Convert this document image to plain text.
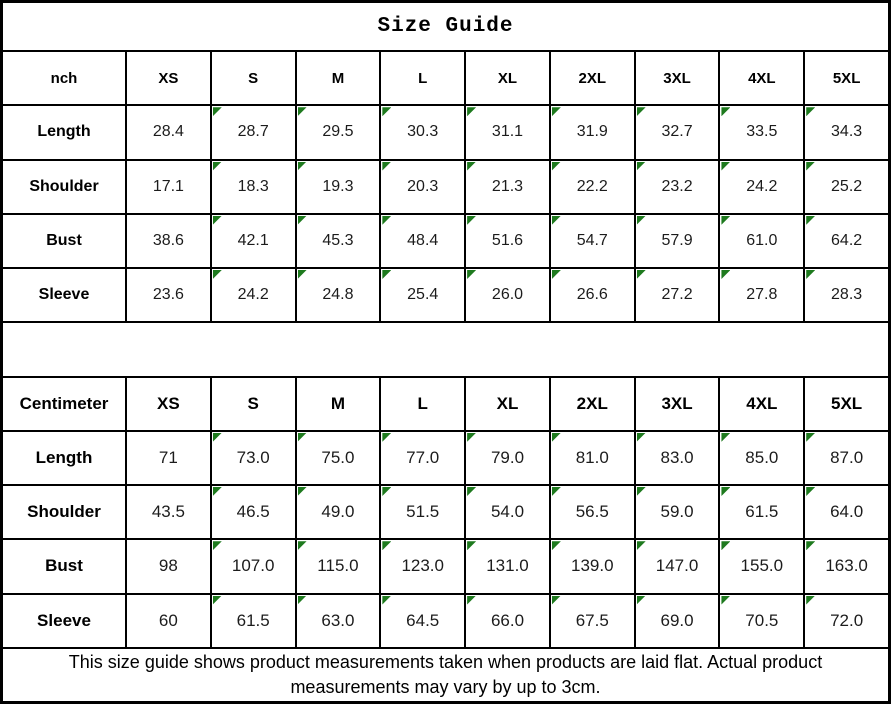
Size Guide
nch	XS	S	M	L	XL	2XL	3XL	4XL	5XL
Length	28.4	28.7	29.5	30.3	31.1	31.9	32.7	33.5	34.3
Shoulder	17.1	18.3	19.3	20.3	21.3	22.2	23.2	24.2	25.2
Bust	38.6	42.1	45.3	48.4	51.6	54.7	57.9	61.0	64.2
Sleeve	23.6	24.2	24.8	25.4	26.0	26.6	27.2	27.8	28.3
Centimeter	XS	S	M	L	XL	2XL	3XL	4XL	5XL
Length	71	73.0	75.0	77.0	79.0	81.0	83.0	85.0	87.0
Shoulder	43.5	46.5	49.0	51.5	54.0	56.5	59.0	61.5	64.0
Bust	98	107.0	115.0	123.0 131.0 139.0 147.0 155.0 163.0
Sleeve	60	61.5	63.0	64.5	66.0	67.5	69.0	70.5	72.0
This size guide shows product measurements taken when products are laid flat. Actual product measurements may vary by up to 3cm.
